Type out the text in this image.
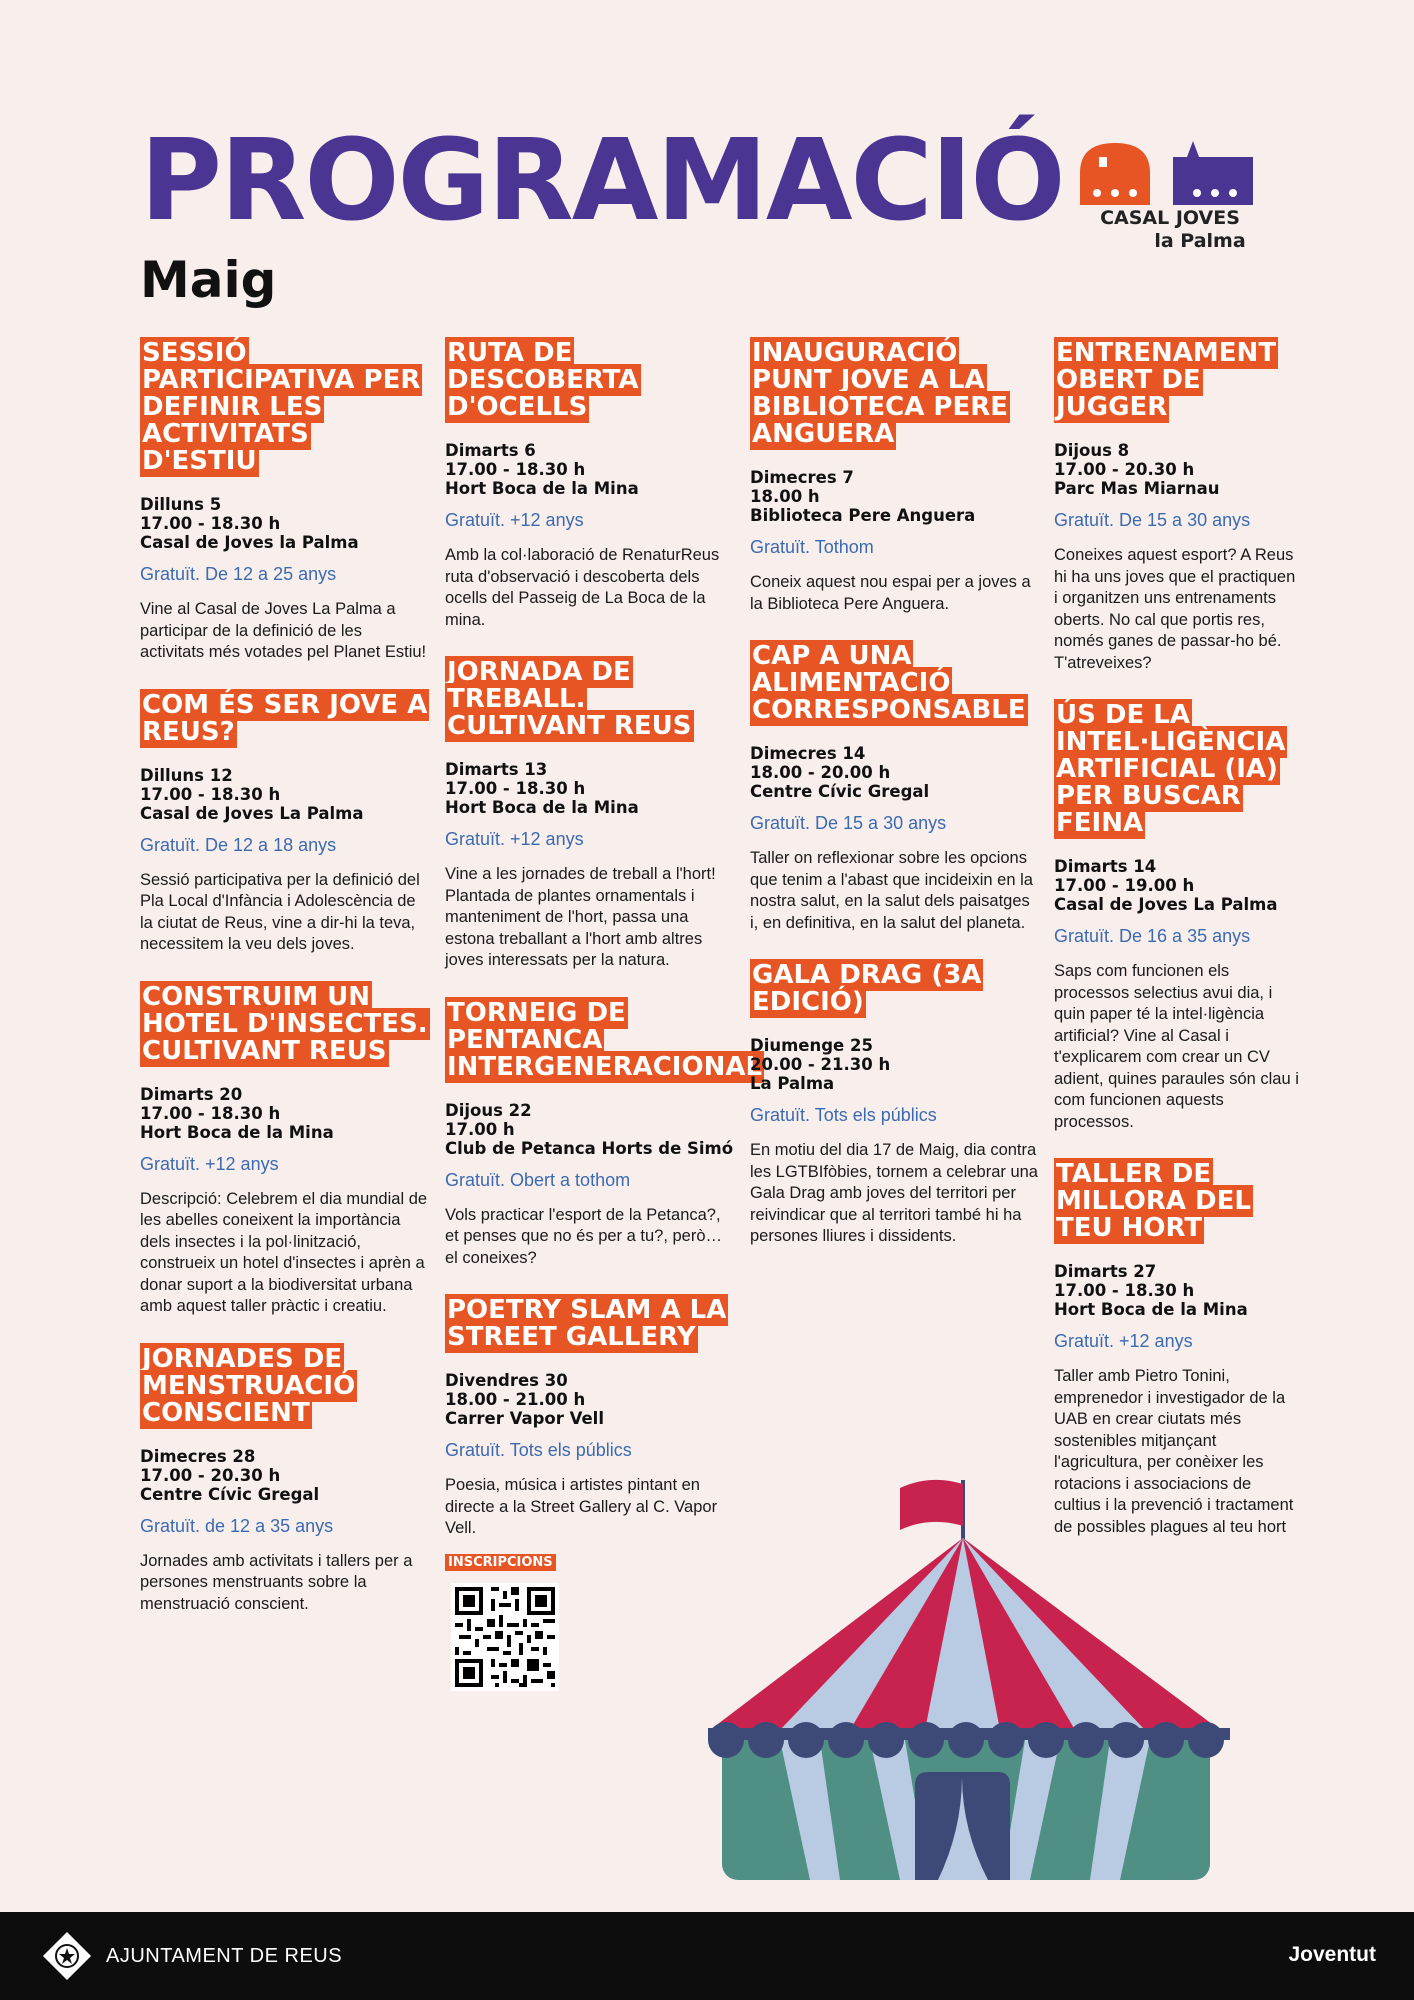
PROGRAMACIÓ
Maig
CASAL JOVES
la Palma
SESSIÓ PARTICIPATIVA PER DEFINIR LES ACTIVITATS D'ESTIU
Dilluns 5
17.00 - 18.30 h
Casal de Joves la Palma
Gratuït. De 12 a 25 anys
Vine al Casal de Joves La Palma a participar de la definició de les activitats més votades pel Planet Estiu!
COM ÉS SER JOVE A REUS?
Dilluns 12
17.00 - 18.30 h
Casal de Joves La Palma
Gratuït. De 12 a 18 anys
Sessió participativa per la definició del Pla Local d'Infància i Adolescència de la ciutat de Reus, vine a dir-hi la teva, necessitem la veu dels joves.
CONSTRUIM UN HOTEL D'INSECTES. CULTIVANT REUS
Dimarts 20
17.00 - 18.30 h
Hort Boca de la Mina
Gratuït. +12 anys
Descripció: Celebrem el dia mundial de les abelles coneixent la importància dels insectes i la pol·linització, construeix un hotel d'insectes i aprèn a donar suport a la biodiversitat urbana amb aquest taller pràctic i creatiu.
JORNADES DE MENSTRUACIÓ CONSCIENT
Dimecres 28
17.00 - 20.30 h
Centre Cívic Gregal
Gratuït. de 12 a 35 anys
Jornades amb activitats i tallers per a persones menstruants sobre la menstruació conscient.
RUTA DE DESCOBERTA D'OCELLS
Dimarts 6
17.00 - 18.30 h
Hort Boca de la Mina
Gratuït. +12 anys
Amb la col·laboració de RenaturReus ruta d'observació i descoberta dels ocells del Passeig de La Boca de la mina.
JORNADA DE TREBALL. CULTIVANT REUS
Dimarts 13
17.00 - 18.30 h
Hort Boca de la Mina
Gratuït. +12 anys
Vine a les jornades de treball a l'hort! Plantada de plantes ornamentals i manteniment de l'hort, passa una estona treballant a l'hort amb altres joves interessats per la natura.
TORNEIG DE PENTANCA INTERGENERACIONAL
Dijous 22
17.00 h
Club de Petanca Horts de Simó
Gratuït. Obert a tothom
Vols practicar l'esport de la Petanca?, et penses que no és per a tu?, però… el coneixes?
POETRY SLAM A LA STREET GALLERY
Divendres 30
18.00 - 21.00 h
Carrer Vapor Vell
Gratuït. Tots els públics
Poesia, música i artistes pintant en directe a la Street Gallery al C. Vapor Vell.
INSCRIPCIONS
INAUGURACIÓ PUNT JOVE A LA BIBLIOTECA PERE ANGUERA
Dimecres 7
18.00 h
Biblioteca Pere Anguera
Gratuït. Tothom
Coneix aquest nou espai per a joves a la Biblioteca Pere Anguera.
CAP A UNA ALIMENTACIÓ CORRESPONSABLE
Dimecres 14
18.00 - 20.00 h
Centre Cívic Gregal
Gratuït. De 15 a 30 anys
Taller on reflexionar sobre les opcions que tenim a l'abast que incideixin en la nostra salut, en la salut dels paisatges i, en definitiva, en la salut del planeta.
GALA DRAG (3A EDICIÓ)
Diumenge 25
20.00 - 21.30 h
La Palma
Gratuït. Tots els públics
En motiu del dia 17 de Maig, dia contra les LGTBIfòbies, tornem a celebrar una Gala Drag amb joves del territori per reivindicar que al territori també hi ha persones lliures i dissidents.
ENTRENAMENT OBERT DE JUGGER
Dijous 8
17.00 - 20.30 h
Parc Mas Miarnau
Gratuït. De 15 a 30 anys
Coneixes aquest esport? A Reus hi ha uns joves que el practiquen i organitzen uns entrenaments oberts. No cal que portis res, només ganes de passar-ho bé. T'atreveixes?
ÚS DE LA INTEL·LIGÈNCIA ARTIFICIAL (IA) PER BUSCAR FEINA
Dimarts 14
17.00 - 19.00 h
Casal de Joves La Palma
Gratuït. De 16 a 35 anys
Saps com funcionen els processos selectius avui dia, i quin paper té la intel·ligència artificial? Vine al Casal i t'explicarem com crear un CV adient, quines paraules són clau i com funcionen aquests processos.
TALLER DE MILLORA DEL TEU HORT
Dimarts 27
17.00 - 18.30 h
Hort Boca de la Mina
Gratuït. +12 anys
Taller amb Pietro Tonini, emprenedor i investigador de la UAB en crear ciutats més sostenibles mitjançant l'agricultura, per conèixer les rotacions i associacions de cultius i la prevenció i tractament de possibles plagues al teu hort
AJUNTAMENT DE REUS	Joventut
